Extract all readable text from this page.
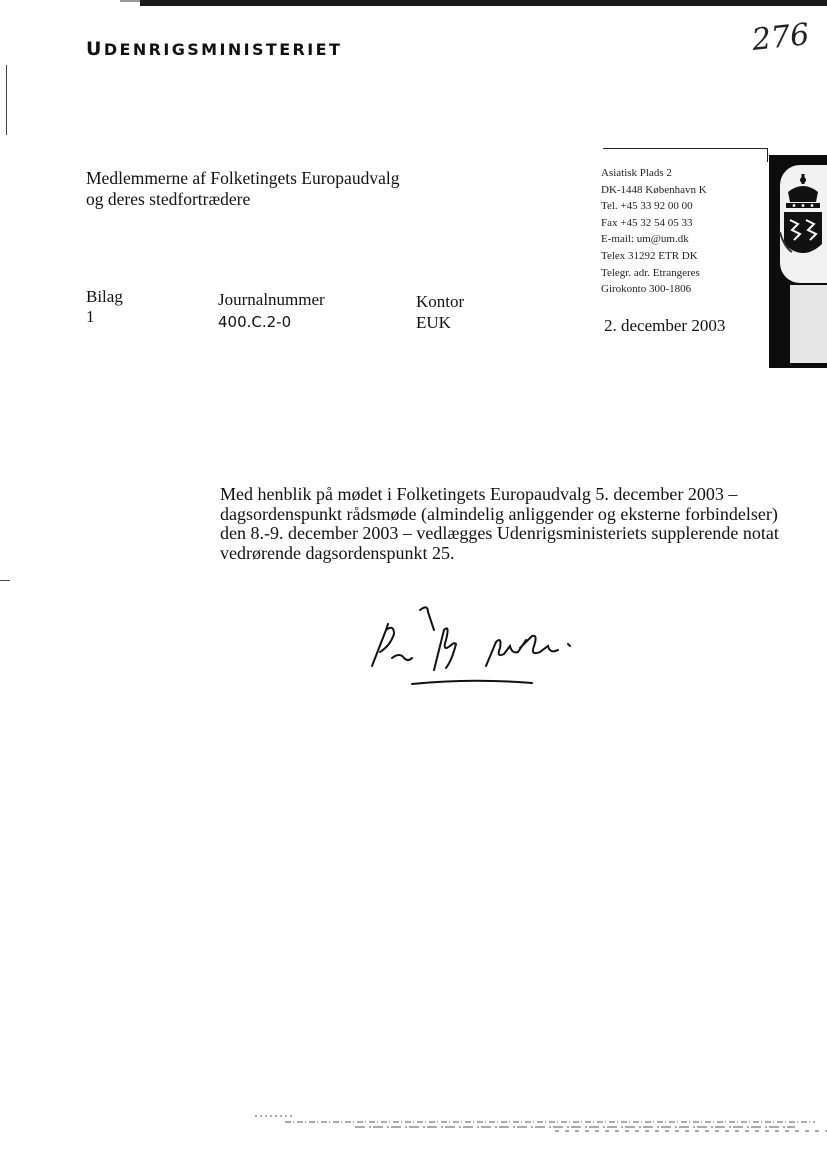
UDENRIGSMINISTERIET	276
Medlemmerne af Folketingets Europaudvalg
og deres stedfortrædere
Asiatisk Plads 2
DK-1448 København K
Tel. +45 33 92 00 00
Fax +45 32 54 05 33
E-mail: um@um.dk
Telex 31292 ETR DK
Telegr. adr. Etrangeres
Girokonto 300-1806
Bilag
1
Journalnummer
400.C.2-0
Kontor
EUK	2. december 2003
Med henblik på mødet i Folketingets Europaudvalg 5. december 2003 –
dagsordenspunkt rådsmøde (almindelig anliggender og eksterne forbindelser)
den 8.-9. december 2003 – vedlægges Udenrigsministeriets supplerende notat
vedrørende dagsordenspunkt 25.
